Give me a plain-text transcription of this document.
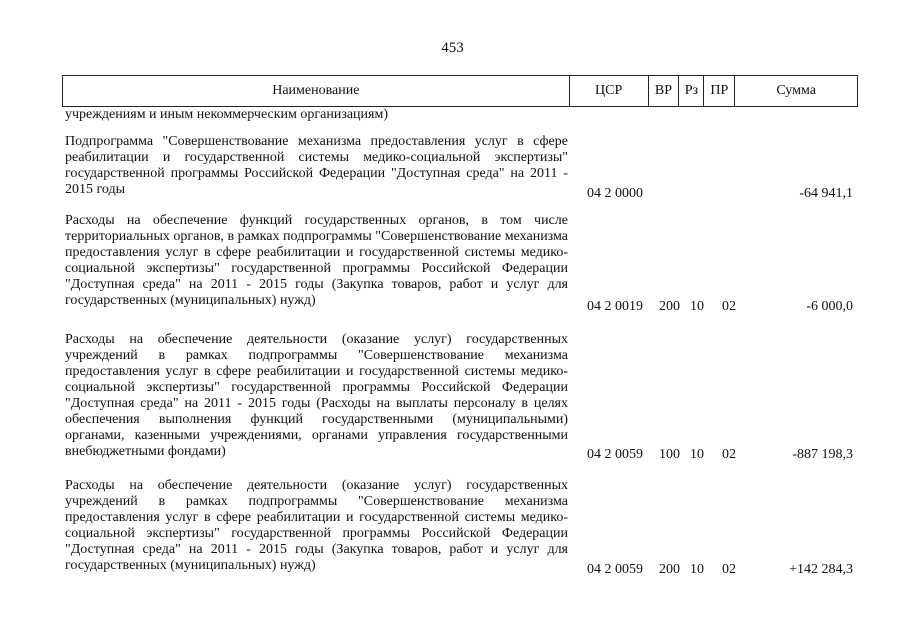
453
Наименование	ЦСР	ВР Рз ПР	Сумма
учреждениям и иным некоммерческим организациям)
Подпрограмма "Совершенствование механизма предоставления услуг в сфере реабилитации и государственной системы медико-социальной экспертизы" государственной программы Российской Федерации "Доступная среда" на 2011 - 2015 годы	04 2 0000	-64 941,1
Расходы на обеспечение функций государственных органов, в том числе территориальных органов, в рамках подпрограммы "Совершенствование механизма предоставления услуг в сфере реабилитации и государственной системы медико-социальной экспертизы" государственной программы Российской Федерации "Доступная среда" на 2011 - 2015 годы (Закупка товаров, работ и услуг для государственных (муниципальных) нужд)	04 2 0019 200 10 02	-6 000,0
Расходы на обеспечение деятельности (оказание услуг) государственных учреждений в рамках подпрограммы "Совершенствование механизма предоставления услуг в сфере реабилитации и государственной системы медико-социальной экспертизы" государственной программы Российской Федерации "Доступная среда" на 2011 - 2015 годы (Расходы на выплаты персоналу в целях обеспечения выполнения функций государственными (муниципальными) органами, казенными учреждениями, органами управления государственными внебюджетными фондами)	04 2 0059 100 10 02	-887 198,3
Расходы на обеспечение деятельности (оказание услуг) государственных учреждений в рамках подпрограммы "Совершенствование механизма предоставления услуг в сфере реабилитации и государственной системы медико-социальной экспертизы" государственной программы Российской Федерации "Доступная среда" на 2011 - 2015 годы (Закупка товаров, работ и услуг для государственных (муниципальных) нужд)	04 2 0059 200 10 02	+142 284,3
